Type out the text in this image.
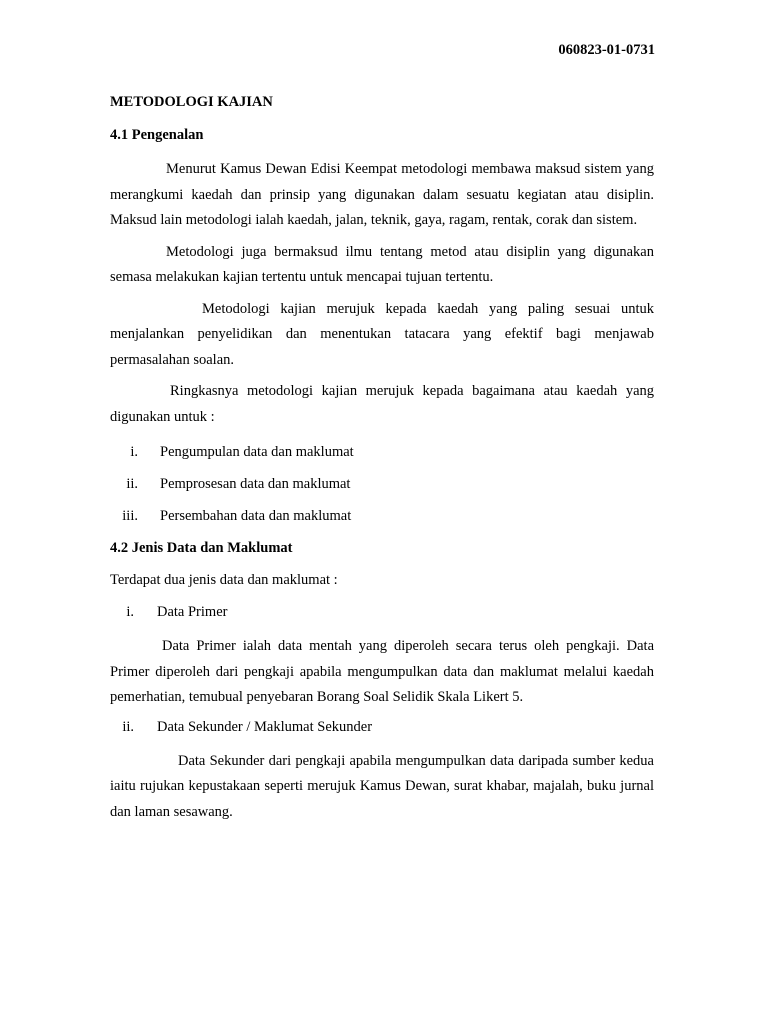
060823-01-0731
METODOLOGI KAJIAN
4.1 Pengenalan

Menurut Kamus Dewan Edisi Keempat metodologi membawa maksud sistem yang merangkumi kaedah dan prinsip yang digunakan dalam sesuatu kegiatan atau disiplin. Maksud lain metodologi ialah kaedah, jalan, teknik, gaya, ragam, rentak, corak dan sistem.

Metodologi juga bermaksud ilmu tentang metod atau disiplin yang digunakan semasa melakukan kajian tertentu untuk mencapai tujuan tertentu.

Metodologi kajian merujuk kepada kaedah yang paling sesuai untuk menjalankan penyelidikan dan menentukan tatacara yang efektif bagi menjawab permasalahan soalan.

Ringkasnya metodologi kajian merujuk kepada bagaimana atau kaedah yang digunakan untuk :

i.	Pengumpulan data dan maklumat
ii.	Pemprosesan data dan maklumat
iii.	Persembahan data dan maklumat
4.2 Jenis Data dan Maklumat

Terdapat dua jenis data dan maklumat :

i.	Data Primer

Data Primer ialah data mentah yang diperoleh secara terus oleh pengkaji. Data Primer diperoleh dari pengkaji apabila mengumpulkan data dan maklumat melalui kaedah pemerhatian, temubual penyebaran Borang Soal Selidik Skala Likert 5.

ii.	Data Sekunder / Maklumat Sekunder

Data Sekunder dari pengkaji apabila mengumpulkan data daripada sumber kedua iaitu rujukan kepustakaan seperti merujuk Kamus Dewan, surat khabar, majalah, buku jurnal dan laman sesawang.
